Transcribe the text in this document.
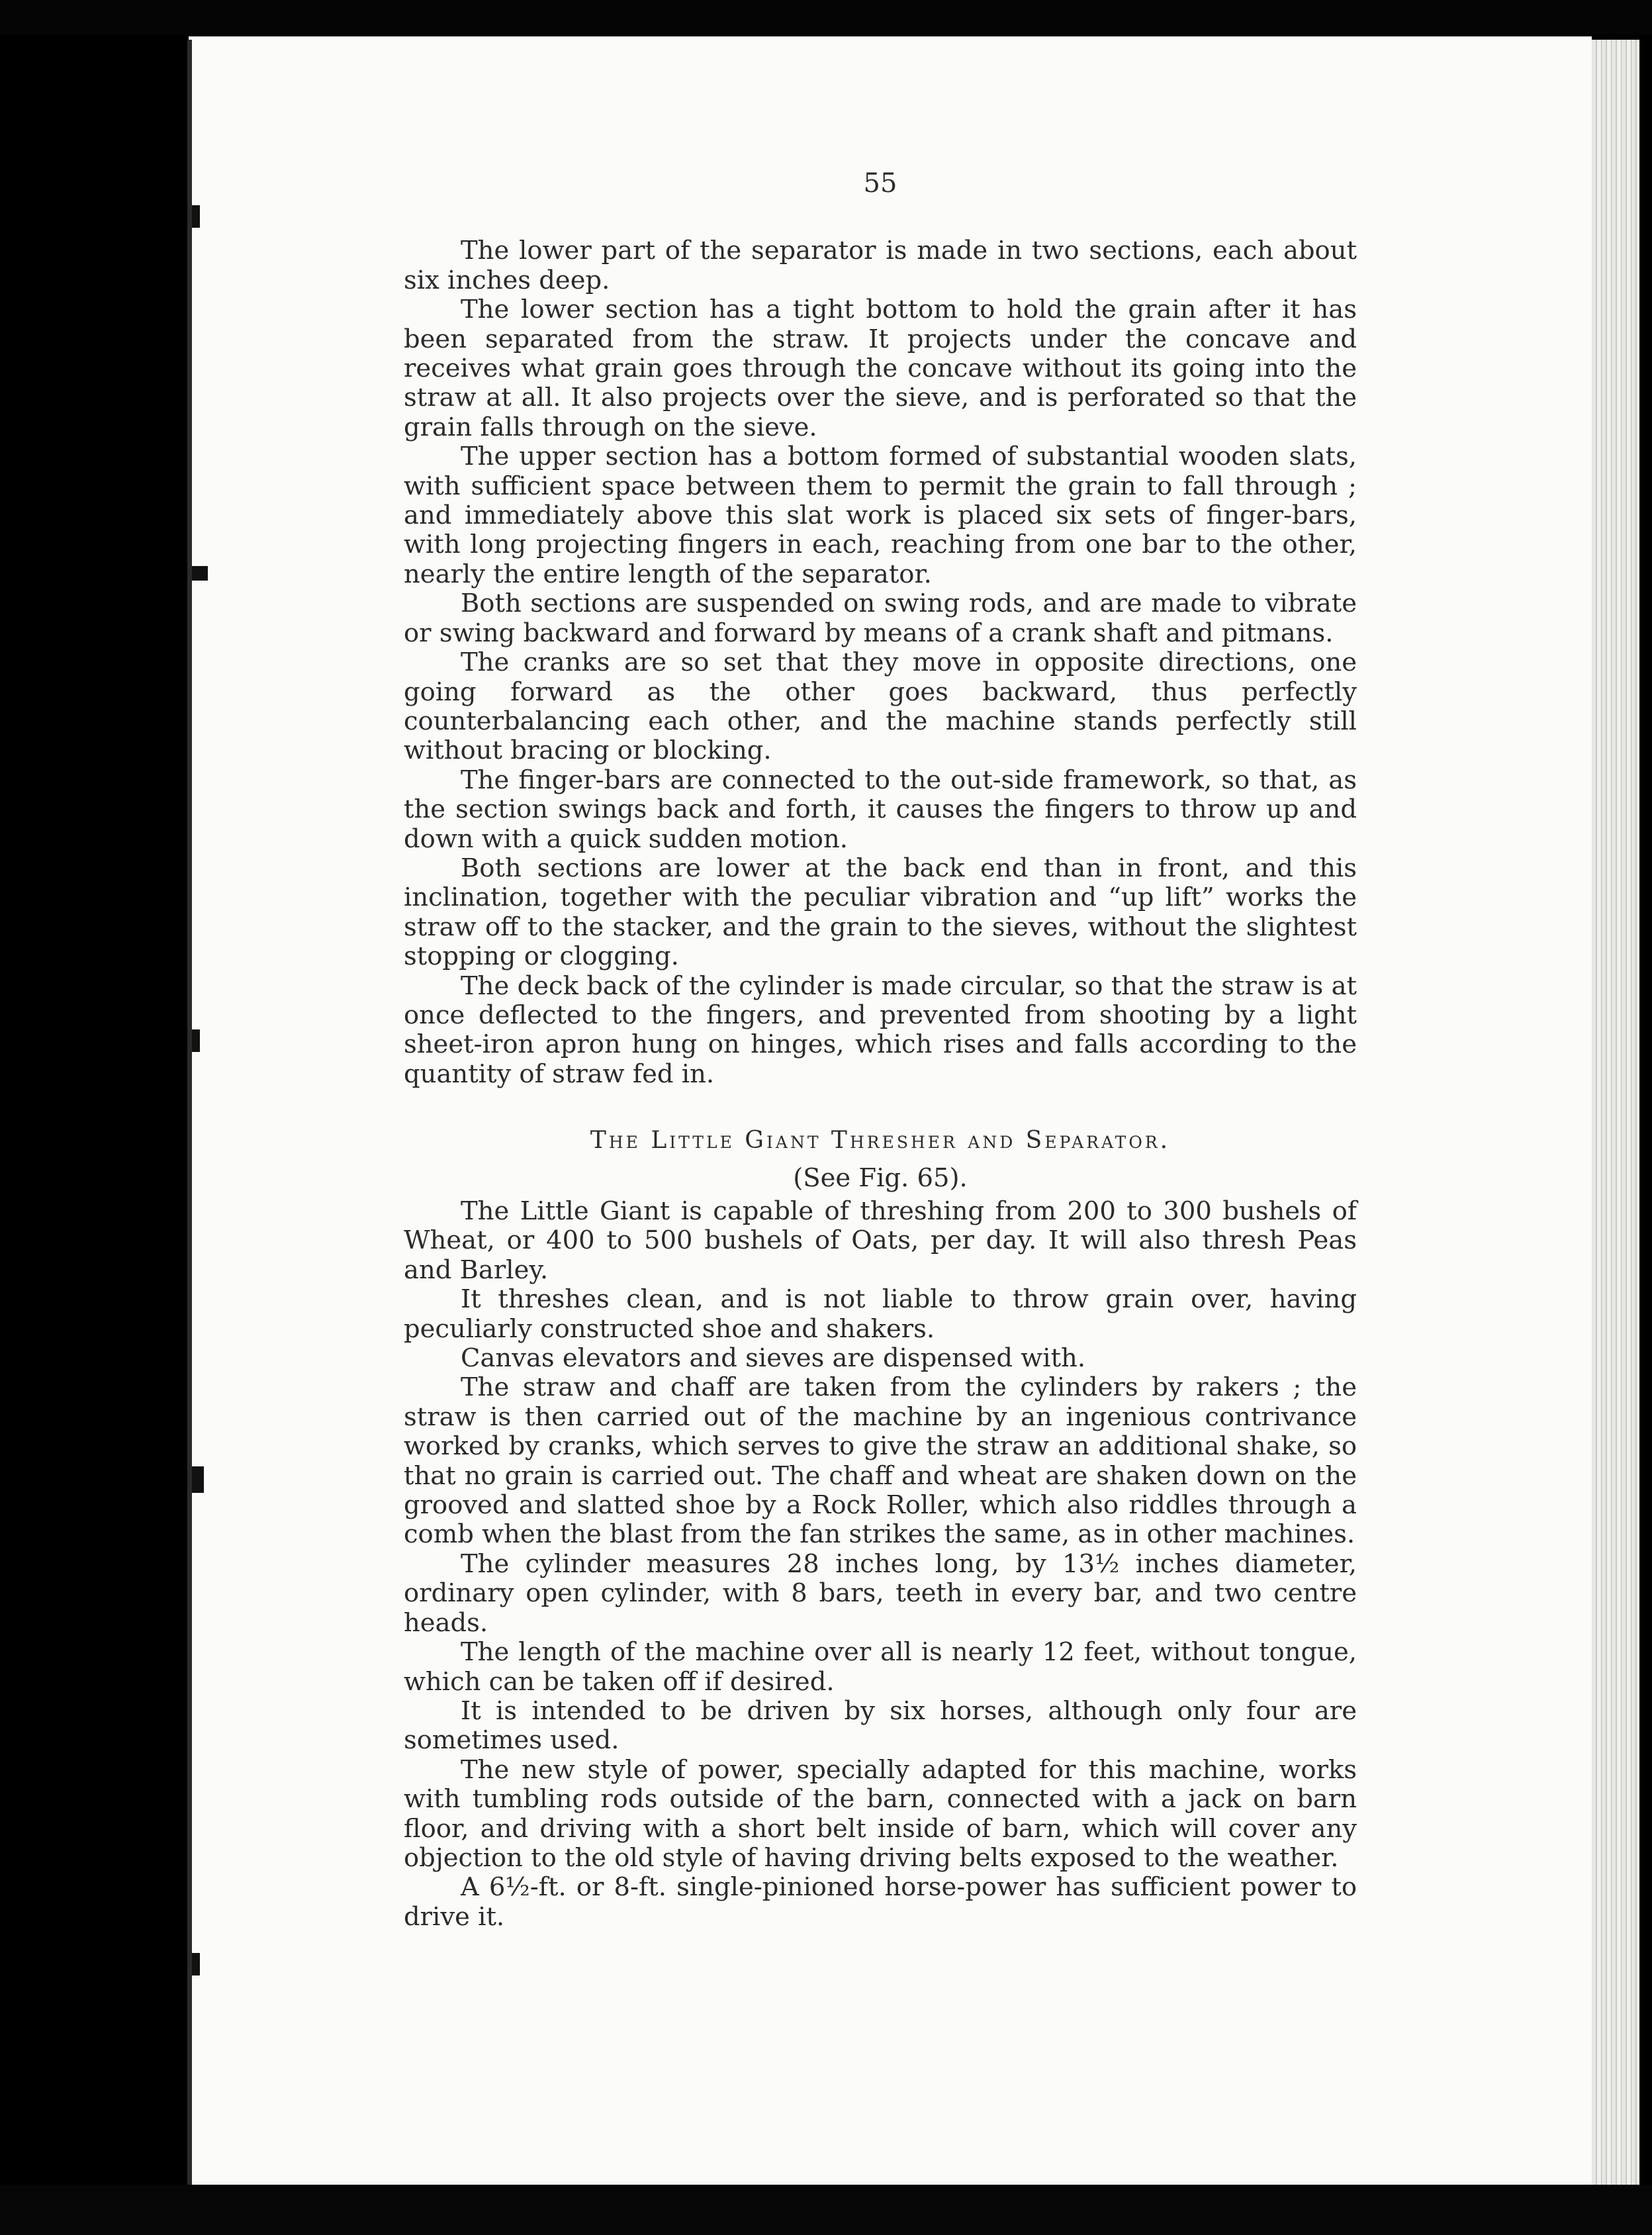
55

The lower part of the separator is made in two sections, each about six inches deep.

The lower section has a tight bottom to hold the grain after it has been separated from the straw. It projects under the concave and receives what grain goes through the concave without its going into the straw at all. It also projects over the sieve, and is perforated so that the grain falls through on the sieve.

The upper section has a bottom formed of substantial wooden slats, with sufficient space between them to permit the grain to fall through ; and immediately above this slat work is placed six sets of finger-bars, with long projecting fingers in each, reaching from one bar to the other, nearly the entire length of the separator.

Both sections are suspended on swing rods, and are made to vibrate or swing backward and forward by means of a crank shaft and pitmans.

The cranks are so set that they move in opposite directions, one going forward as the other goes backward, thus perfectly counterbalancing each other, and the machine stands perfectly still without bracing or blocking.

The finger-bars are connected to the out-side framework, so that, as the section swings back and forth, it causes the fingers to throw up and down with a quick sudden motion.

Both sections are lower at the back end than in front, and this inclination, together with the peculiar vibration and “up lift” works the straw off to the stacker, and the grain to the sieves, without the slightest stopping or clogging.

The deck back of the cylinder is made circular, so that the straw is at once deflected to the fingers, and prevented from shooting by a light sheet-iron apron hung on hinges, which rises and falls according to the quantity of straw fed in.

The Little Giant Thresher and Separator.
(See Fig. 65).

The Little Giant is capable of threshing from 200 to 300 bushels of Wheat, or 400 to 500 bushels of Oats, per day. It will also thresh Peas and Barley.

It threshes clean, and is not liable to throw grain over, having peculiarly constructed shoe and shakers.

Canvas elevators and sieves are dispensed with.

The straw and chaff are taken from the cylinders by rakers ; the straw is then carried out of the machine by an ingenious contrivance worked by cranks, which serves to give the straw an additional shake, so that no grain is carried out. The chaff and wheat are shaken down on the grooved and slatted shoe by a Rock Roller, which also riddles through a comb when the blast from the fan strikes the same, as in other machines.

The cylinder measures 28 inches long, by 13½ inches diameter, ordinary open cylinder, with 8 bars, teeth in every bar, and two centre heads.

The length of the machine over all is nearly 12 feet, without tongue, which can be taken off if desired.

It is intended to be driven by six horses, although only four are sometimes used.

The new style of power, specially adapted for this machine, works with tumbling rods outside of the barn, connected with a jack on barn floor, and driving with a short belt inside of barn, which will cover any objection to the old style of having driving belts exposed to the weather.

A 6½-ft. or 8-ft. single-pinioned horse-power has sufficient power to drive it.
